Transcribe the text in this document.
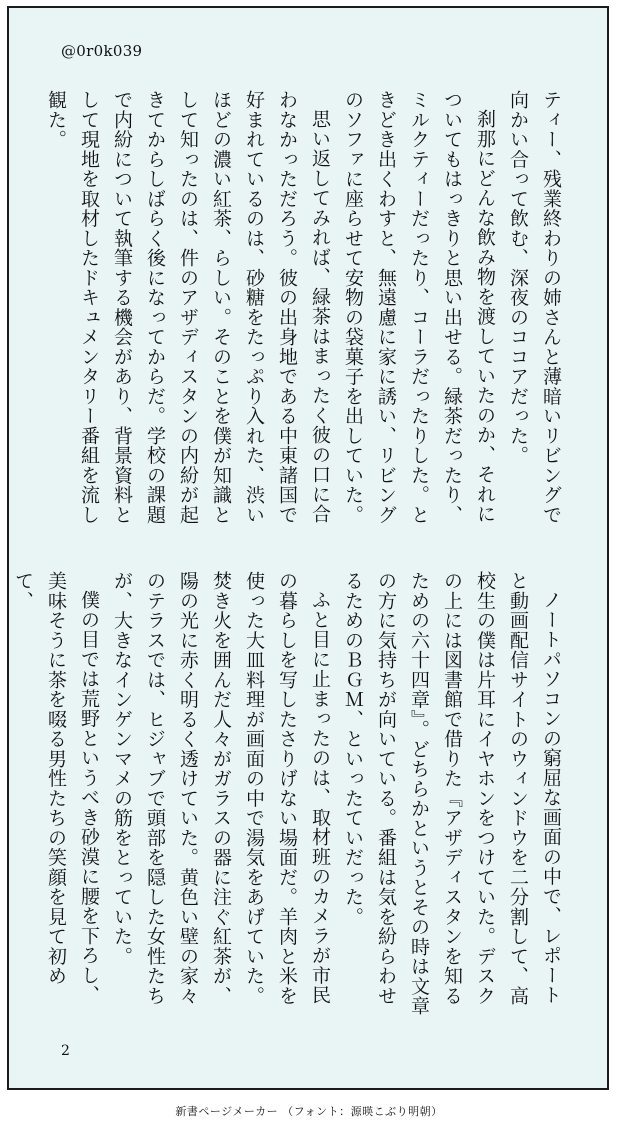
@0r0k039

ティー、残業終わりの姉さんと薄暗いリビングで向かい合って飲む、深夜のココアだった。

刹那にどんな飲み物を渡していたのか、それについてもはっきりと思い出せる。緑茶だったり、ミルクティーだったり、コーラだったりした。ときどき出くわすと、無遠慮に家に誘い、リビングのソファに座らせて安物の袋菓子を出していた。

思い返してみれば、緑茶はまったく彼の口に合わなかっただろう。彼の出身地である中東諸国で好まれているのは、砂糖をたっぷり入れた、渋いほどの濃い紅茶、らしい。そのことを僕が知識として知ったのは、件のアザディスタンの内紛が起きてからしばらく後になってからだ。学校の課題で内紛について執筆する機会があり、背景資料として現地を取材したドキュメンタリー番組を流し観た。

ノートパソコンの窮屈な画面の中で、レポートと動画配信サイトのウィンドウを二分割して、高校生の僕は片耳にイヤホンをつけていた。デスクの上には図書館で借りた『アザディスタンを知るための六十四章』。どちらかというとその時は文章の方に気持ちが向いている。番組は気を紛らわせるためのＢＧＭ、といったていだった。

ふと目に止まったのは、取材班のカメラが市民の暮らしを写したさりげない場面だ。羊肉と米を使った大皿料理が画面の中で湯気をあげていた。焚き火を囲んだ人々がガラスの器に注ぐ紅茶が、陽の光に赤く明るく透けていた。黄色い壁の家々のテラスでは、ヒジャブで頭部を隠した女性たちが、大きなインゲンマメの筋をとっていた。

僕の目では荒野というべき砂漠に腰を下ろし、美味そうに茶を啜る男性たちの笑顔を見て初めて、

2
新書ページメーカー （フォント：源暎こぶり明朝）
